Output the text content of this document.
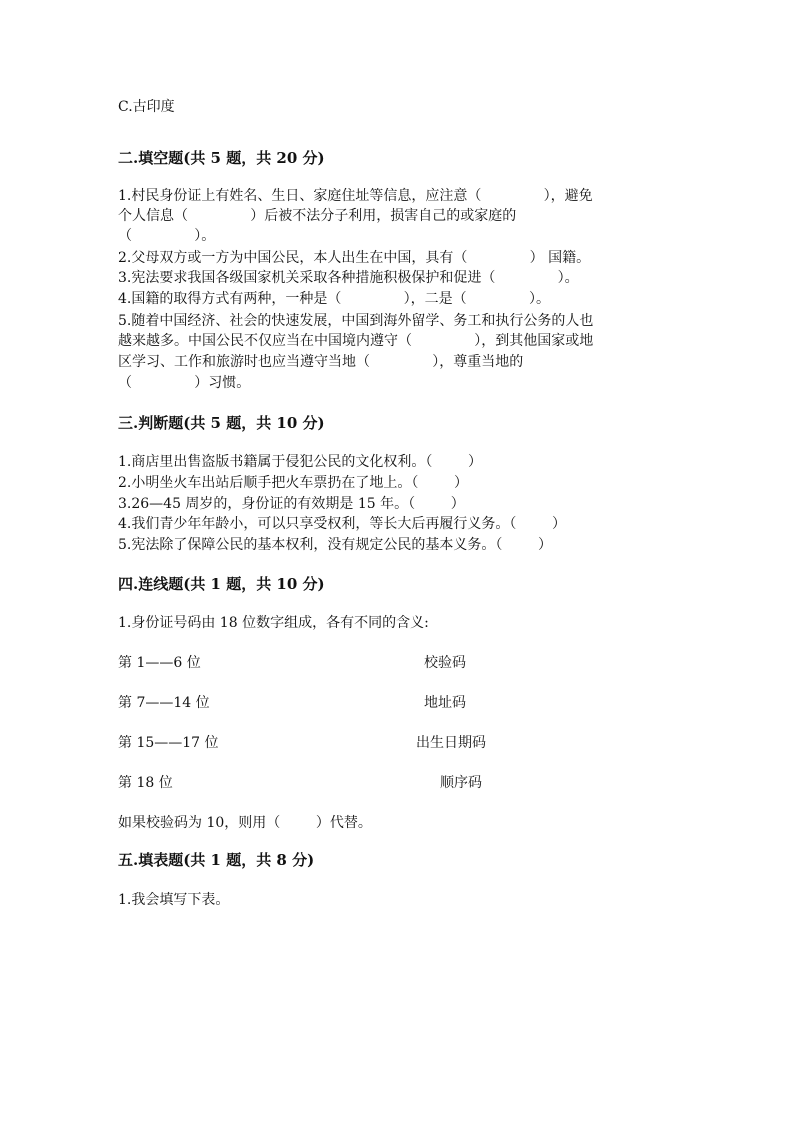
C.古印度
二.填空题(共 5 题，共 20 分)
1.村民身份证上有姓名、生日、家庭住址等信息，应注意（              ），避免
个人信息（              ）后被不法分子利用，损害自己的或家庭的
（              ）。
2.父母双方或一方为中国公民，本人出生在中国，具有（              ） 国籍。
3.宪法要求我国各级国家机关采取各种措施积极保护和促进（              ）。
4.国籍的取得方式有两种，一种是（              ），二是（              ）。
5.随着中国经济、社会的快速发展，中国到海外留学、务工和执行公务的人也
越来越多。中国公民不仅应当在中国境内遵守（              ），到其他国家或地
区学习、工作和旅游时也应当遵守当地（              ），尊重当地的
（              ）习惯。
三.判断题(共 5 题，共 10 分)
1.商店里出售盗版书籍属于侵犯公民的文化权利。（        ）
2.小明坐火车出站后顺手把火车票扔在了地上。（        ）
3.26—45 周岁的，身份证的有效期是 15 年。（        ）
4.我们青少年年龄小，可以只享受权利，等长大后再履行义务。（        ）
5.宪法除了保障公民的基本权利，没有规定公民的基本义务。（        ）
四.连线题(共 1 题，共 10 分)
1.身份证号码由 18 位数字组成，各有不同的含义:
第 1——6 位	校验码
第 7——14 位	地址码
第 15——17 位	出生日期码
第 18 位	顺序码
如果校验码为 10，则用（        ）代替。
五.填表题(共 1 题，共 8 分)
1.我会填写下表。
